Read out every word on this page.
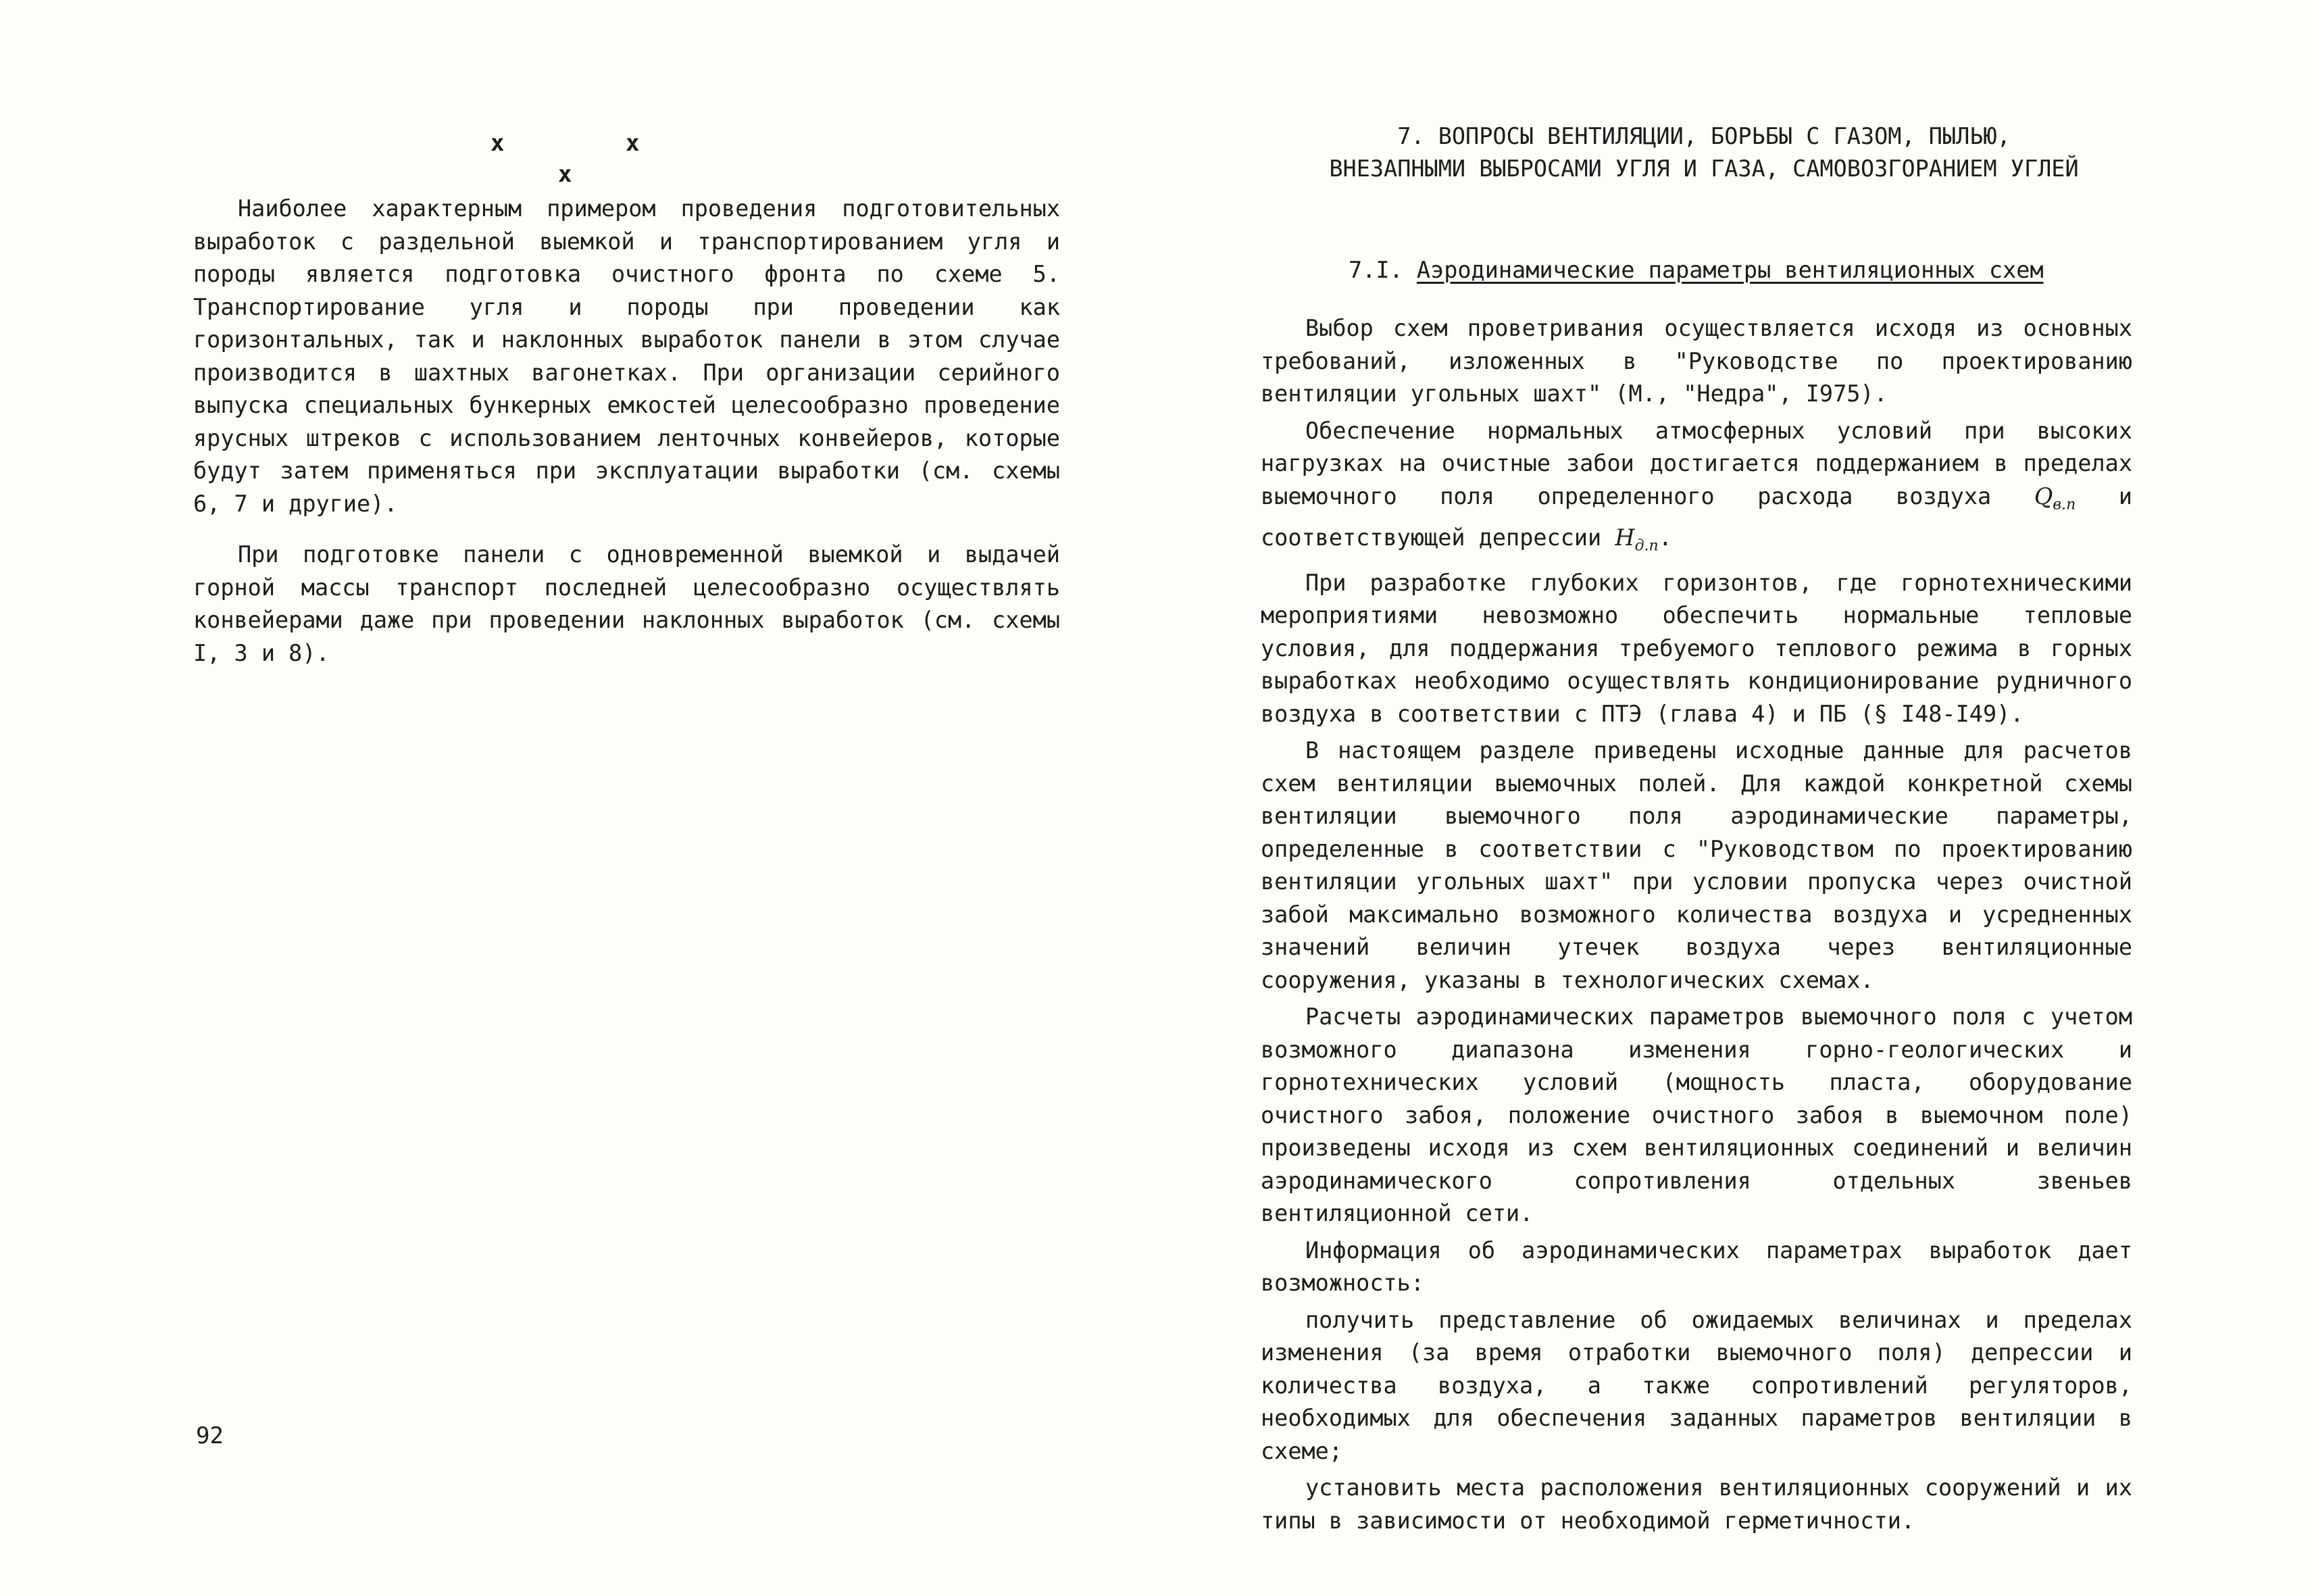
x	x
x

Наиболее характерным примером проведения подготовительных выработок с раздельной выемкой и транспортированием угля и породы является подготовка очистного фронта по схеме 5. Транспортирование угля и породы при проведении как горизонтальных, так и наклонных выработок панели в этом случае производится в шахтных вагонетках. При организации серийного выпуска специальных бункерных емкостей целесообразно проведение ярусных штреков с использованием ленточных конвейеров, которые будут затем применяться при эксплуатации выработки (см. схемы 6, 7 и другие).

При подготовке панели с одновременной выемкой и выдачей горной массы транспорт последней целесообразно осуществлять конвейерами даже при проведении наклонных выработок (см. схемы I, 3 и 8).

92
7. ВОПРОСЫ ВЕНТИЛЯЦИИ, БОРЬБЫ С ГАЗОМ, ПЫЛЬЮ,
ВНЕЗАПНЫМИ ВЫБРОСАМИ УГЛЯ И ГАЗА, САМОВОЗГОРАНИЕМ УГЛЕЙ
7.I. Аэродинамические параметры вентиляционных схем

Выбор схем проветривания осуществляется исходя из основных требований, изложенных в "Руководстве по проектированию вентиляции угольных шахт" (М., "Недра", I975).

Обеспечение нормальных атмосферных условий при высоких нагрузках на очистные забои достигается поддержанием в пределах выемочного поля определенного расхода воздуха $Q_{в.п}$ и соответствующей депрессии $H_{д.п}$.

При разработке глубоких горизонтов, где горнотехническими мероприятиями невозможно обеспечить нормальные тепловые условия, для поддержания требуемого теплового режима в горных выработках необходимо осуществлять кондиционирование рудничного воздуха в соответствии с ПТЭ (глава 4) и ПБ (§ I48-I49).

В настоящем разделе приведены исходные данные для расчетов схем вентиляции выемочных полей. Для каждой конкретной схемы вентиляции выемочного поля аэродинамические параметры, определенные в соответствии с "Руководством по проектированию вентиляции угольных шахт" при условии пропуска через очистной забой максимально возможного количества воздуха и усредненных значений величин утечек воздуха через вентиляционные сооружения, указаны в технологических схемах.

Расчеты аэродинамических параметров выемочного поля с учетом возможного диапазона изменения горно-геологических и горнотехнических условий (мощность пласта, оборудование очистного забоя, положение очистного забоя в выемочном поле) произведены исходя из схем вентиляционных соединений и величин аэродинамического сопротивления отдельных звеньев вентиляционной сети.

Информация об аэродинамических параметрах выработок дает возможность:

получить представление об ожидаемых величинах и пределах изменения (за время отработки выемочного поля) депрессии и количества воздуха, а также сопротивлений регуляторов, необходимых для обеспечения заданных параметров вентиляции в схеме;

установить места расположения вентиляционных сооружений и их типы в зависимости от необходимой герметичности.
